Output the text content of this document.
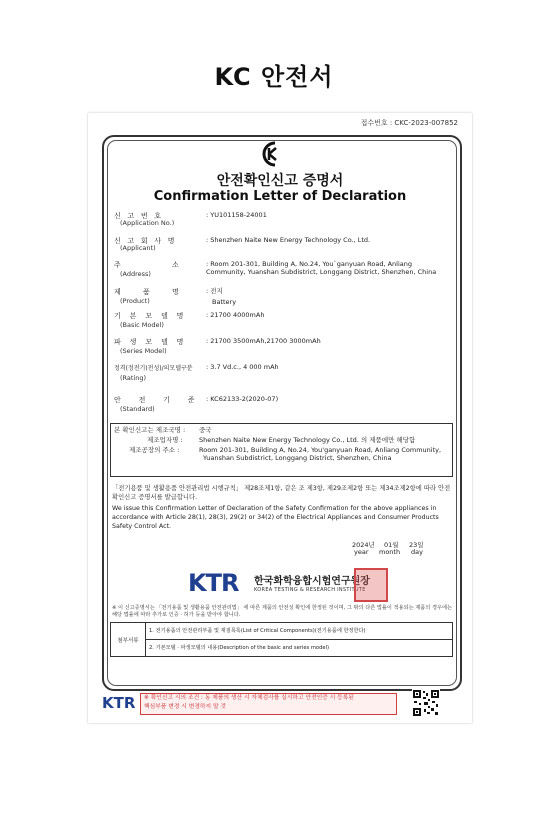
KC 안전서
접수번호 : CKC-2023-007852
안전확인신고 증명서
Confirmation Letter of Declaration
신   고   번   호
(Application No.)
: YU101158-24001
신   고   회   사   명
(Applicant)
: Shenzhen Naite New Energy Technology Co., Ltd.
주                       소
(Address)
: Room 201-301, Building A, No.24, You`ganyuan Road, Anliang Community, Yuanshan Subdistrict, Longgang District, Shenzhen, China
제          품          명
(Product)
: 전지
Battery
기    본    모    델    명
(Basic Model)
: 21700 4000mAh
파    생    모    델    명
(Series Model)
: 21700 3500mAh,21700 3000mAh
정격(정전기(전성)/의모델구분
(Rating)
: 3.7 Vd.c., 4 000 mAh
안        전        기        준
(Standard)
: KC62133-2(2020-07)
본 확인신고는 제조국명 : 중국
제조업자명 :	Shenzhen Naite New Energy Technology Co., Ltd. 의 제품에만 해당함
제조공장의 주소 :	Room 201-301, Building A, No.24, You'ganyuan Road, Anliang Community,
Yuanshan Subdistrict, Longgang District, Shenzhen, China
「전기용품 및 생활용품 안전관리법 시행규칙」 제28조제1항, 같은 조 제3항, 제29조제2항 또는 제34조제2항에 따라 안전확인신고 증명서를 발급합니다.
We issue this Confirmation Letter of Declaration of the Safety Confirmation for the above appliances in accordance with Article 28(1), 28(3), 29(2) or 34(2) of the Electrical Appliances and Consumer Products Safety Control Act.
2024년 01월 23일
year month day
KTR 한국화학융합시험연구원장
KOREA TESTING & RESEARCH INSTITUTE
※ 이 신고증명서는 「전기용품 및 생활용품 안전관리법」 에 따른 제품의 안전성 확인에 한정된 것이며, 그 밖의 다른 법률이 적용되는 제품의 경우에는 해당 법률에 따라 추가로 인증 · 허가 등을 받아야 합니다.
첨부서류
1. 전기용품의 안전관리부품 및 재질목록(List of Critical Components)(전기용품에 한정한다)
2. 기본모델 · 파생모델의 내용(Description of the basic and series model)
KTR	※ 확인신고 시의 조건 : 동 제품의 생산 시 자체검사를 실시하고 안전인증 시 등록된
핵심부품 변경 시 변경하지 말 것
